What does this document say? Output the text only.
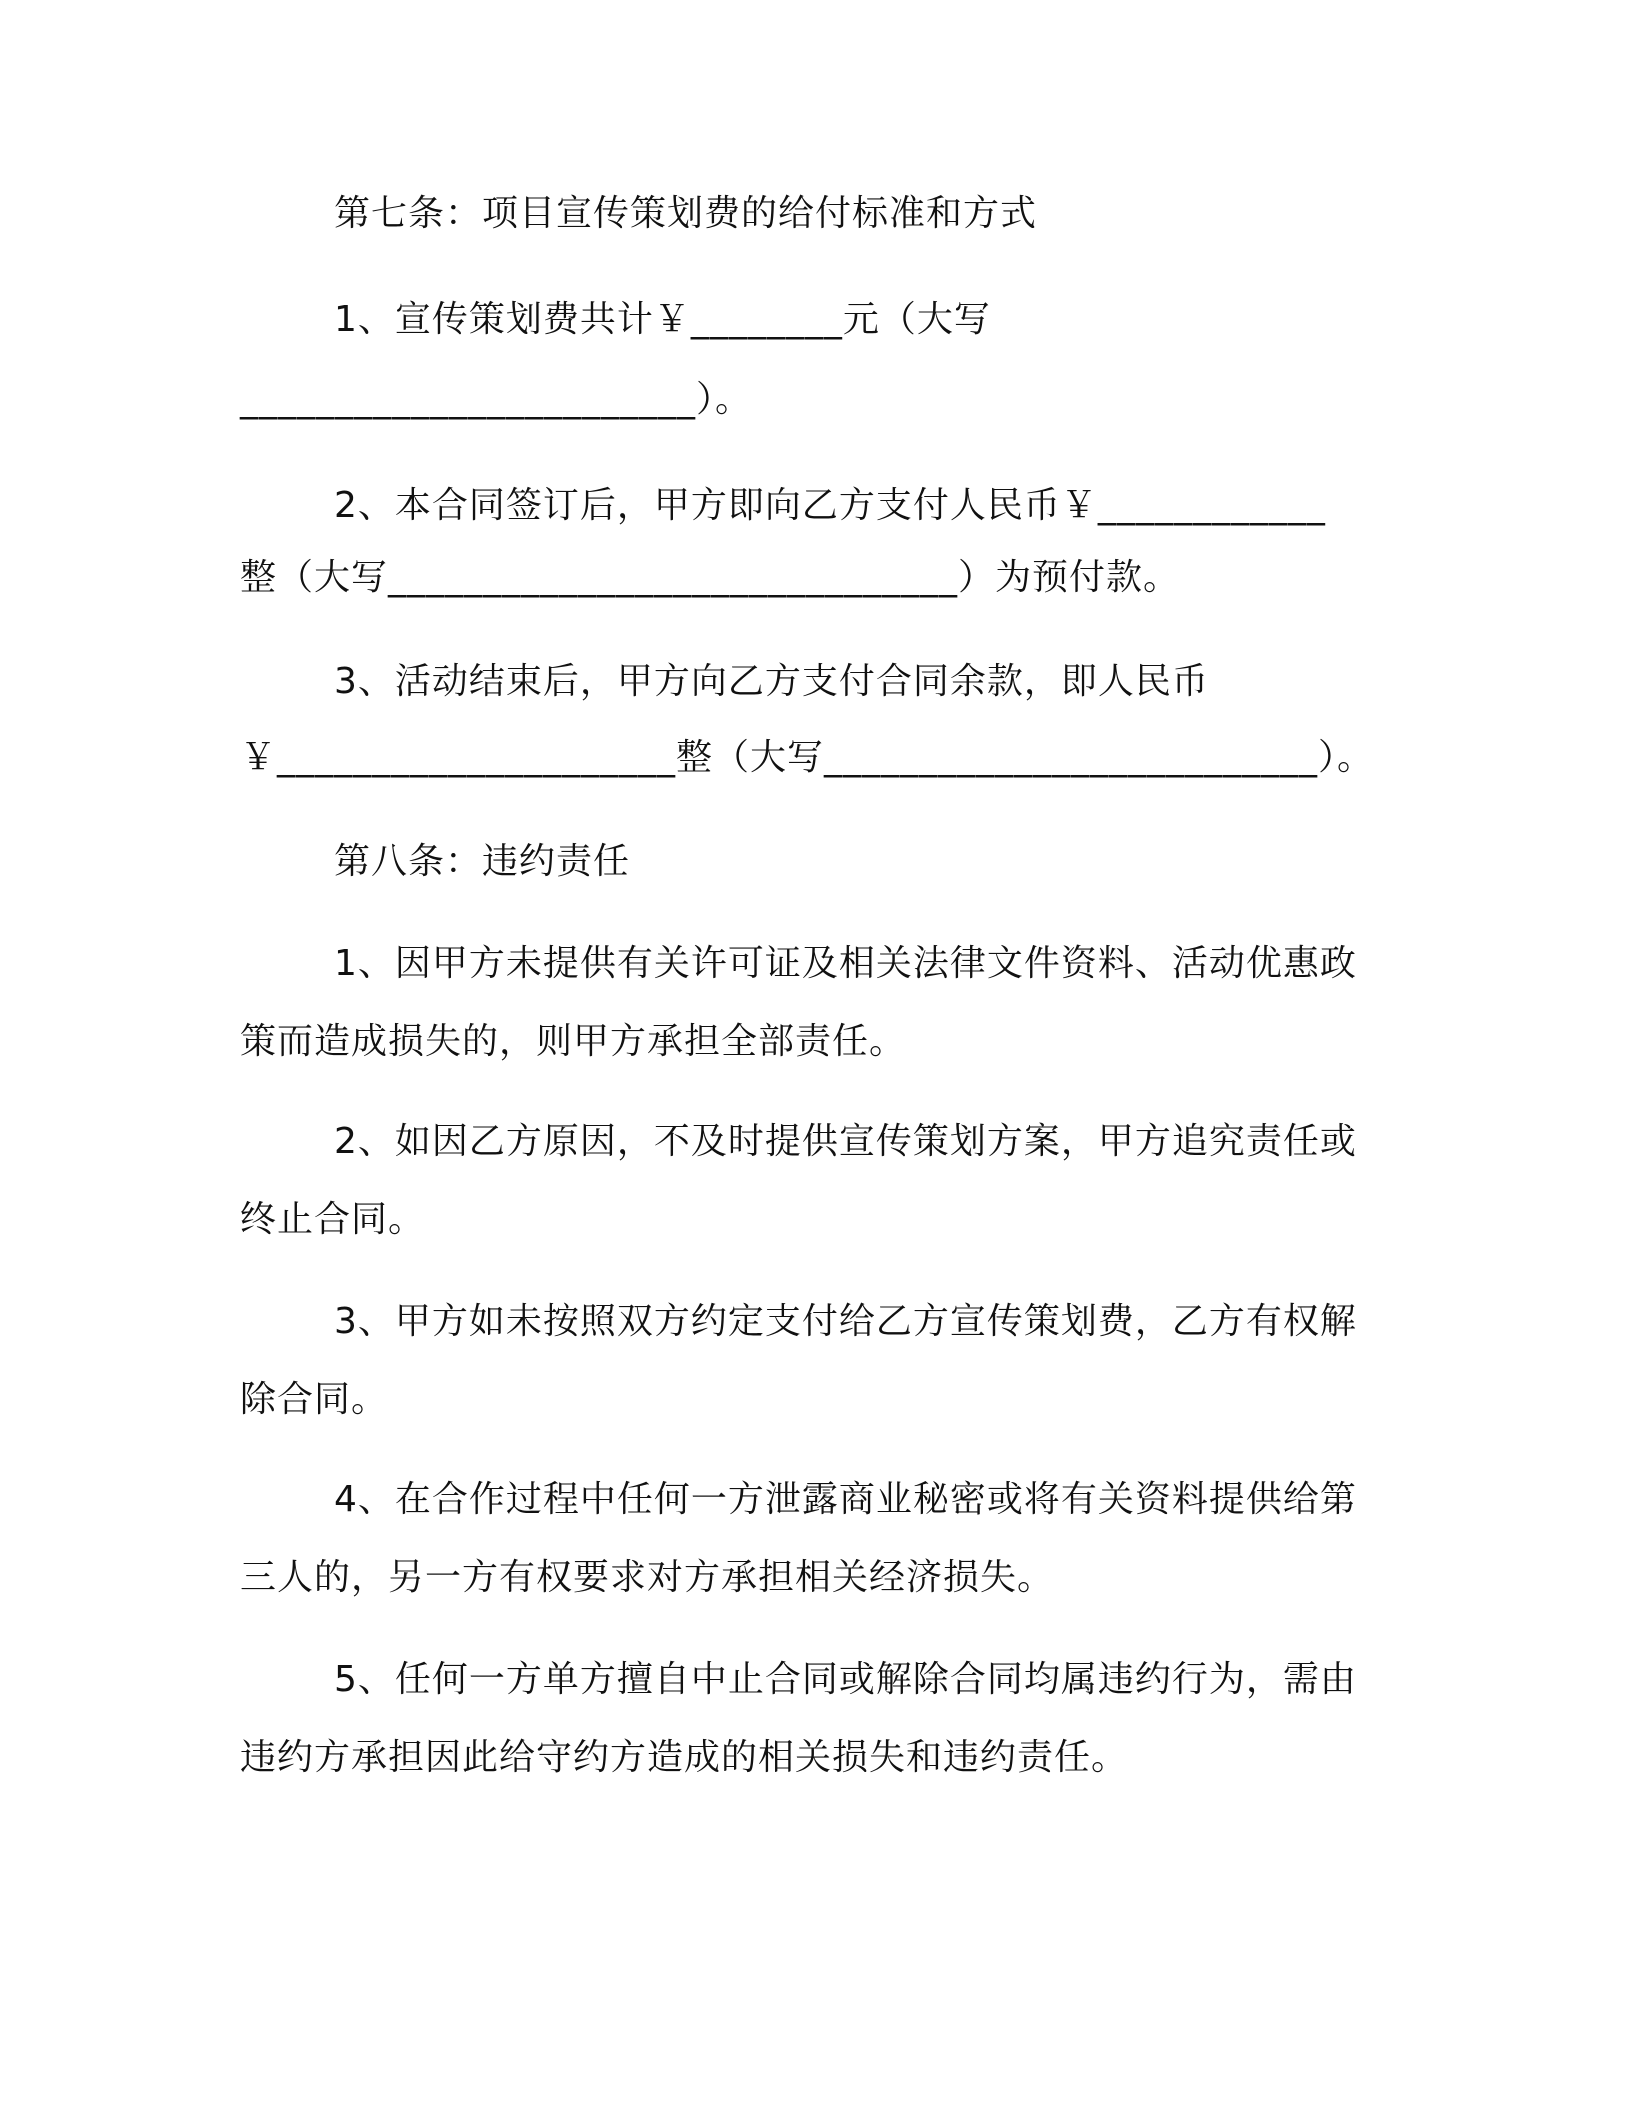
第七条：项目宣传策划费的给付标准和方式
1、宣传策划费共计￥________元（大写
________________________）。
2、本合同签订后，甲方即向乙方支付人民币￥____________
整（大写______________________________）为预付款。
3、活动结束后，甲方向乙方支付合同余款，即人民币
￥_____________________整（大写__________________________）。
第八条：违约责任
1、因甲方未提供有关许可证及相关法律文件资料、活动优惠政
策而造成损失的，则甲方承担全部责任。
2、如因乙方原因，不及时提供宣传策划方案，甲方追究责任或
终止合同。
3、甲方如未按照双方约定支付给乙方宣传策划费，乙方有权解
除合同。
4、在合作过程中任何一方泄露商业秘密或将有关资料提供给第
三人的，另一方有权要求对方承担相关经济损失。
5、任何一方单方擅自中止合同或解除合同均属违约行为，需由
违约方承担因此给守约方造成的相关损失和违约责任。
